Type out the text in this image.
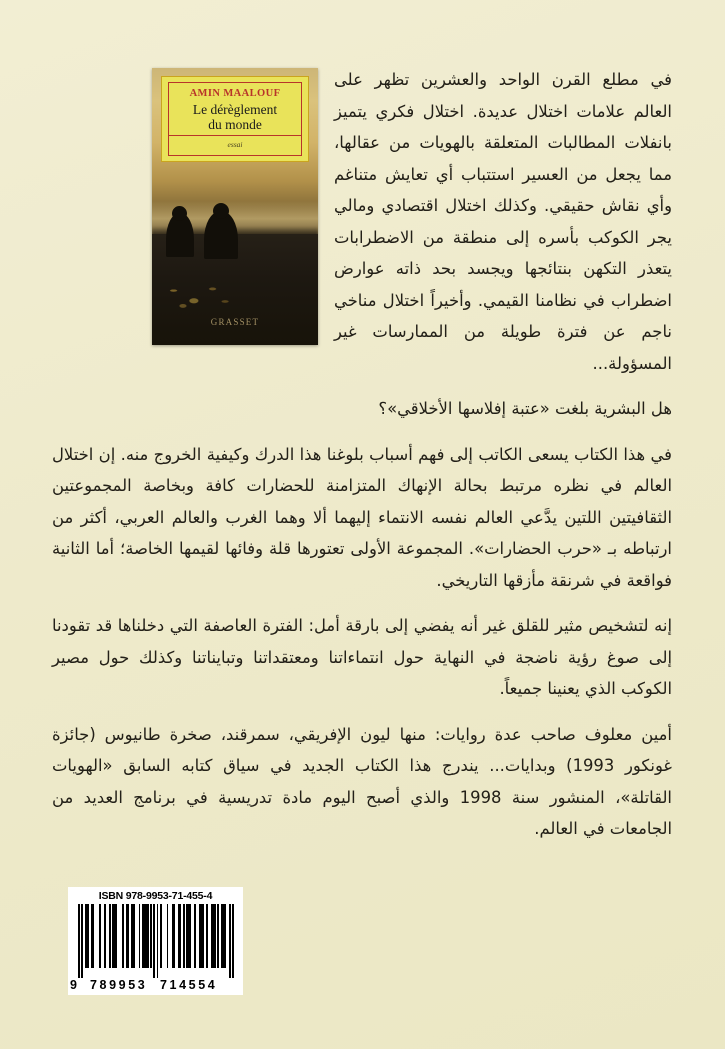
GRASSET
AMIN MAALOUF
Le dérèglement
du monde
essai

في مطلع القرن الواحد والعشرين تظهر على العالم علامات اختلال عديدة. اختلال فكري يتميز بانفلات المطالبات المتعلقة بالهويات من عقالها، مما يجعل من العسير استتباب أي تعايش متناغم وأي نقاش حقيقي. وكذلك اختلال اقتصادي ومالي يجر الكوكب بأسره إلى منطقة من الاضطرابات يتعذر التكهن بنتائجها ويجسد بحد ذاته عوارض اضطراب في نظامنا القيمي. وأخيراً اختلال مناخي ناجم عن فترة طويلة من الممارسات غير المسؤولة...

هل البشرية بلغت «عتبة إفلاسها الأخلاقي»؟

في هذا الكتاب يسعى الكاتب إلى فهم أسباب بلوغنا هذا الدرك وكيفية الخروج منه. إن اختلال العالم في نظره مرتبط بحالة الإنهاك المتزامنة للحضارات كافة وبخاصة المجموعتين الثقافيتين اللتين يدَّعي العالم نفسه الانتماء إليهما ألا وهما الغرب والعالم العربي، أكثر من ارتباطه بـ «حرب الحضارات». المجموعة الأولى تعتورها قلة وفائها لقيمها الخاصة؛ أما الثانية فواقعة في شرنقة مأزقها التاريخي.

إنه لتشخيص مثير للقلق غير أنه يفضي إلى بارقة أمل: الفترة العاصفة التي دخلناها قد تقودنا إلى صوغ رؤية ناضجة في النهاية حول انتماءاتنا ومعتقداتنا وتبايناتنا وكذلك حول مصير الكوكب الذي يعنينا جميعاً.

أمين معلوف صاحب عدة روايات: منها ليون الإفريقي، سمرقند، صخرة طانيوس (جائزة غونكور 1993) وبدايات... يندرج هذا الكتاب الجديد في سياق كتابه السابق «الهويات القاتلة»، المنشور سنة 1998 والذي أصبح اليوم مادة تدريسية في برنامج العديد من الجامعات في العالم.

ISBN 978-9953-71-455-4
9 789953 714554
